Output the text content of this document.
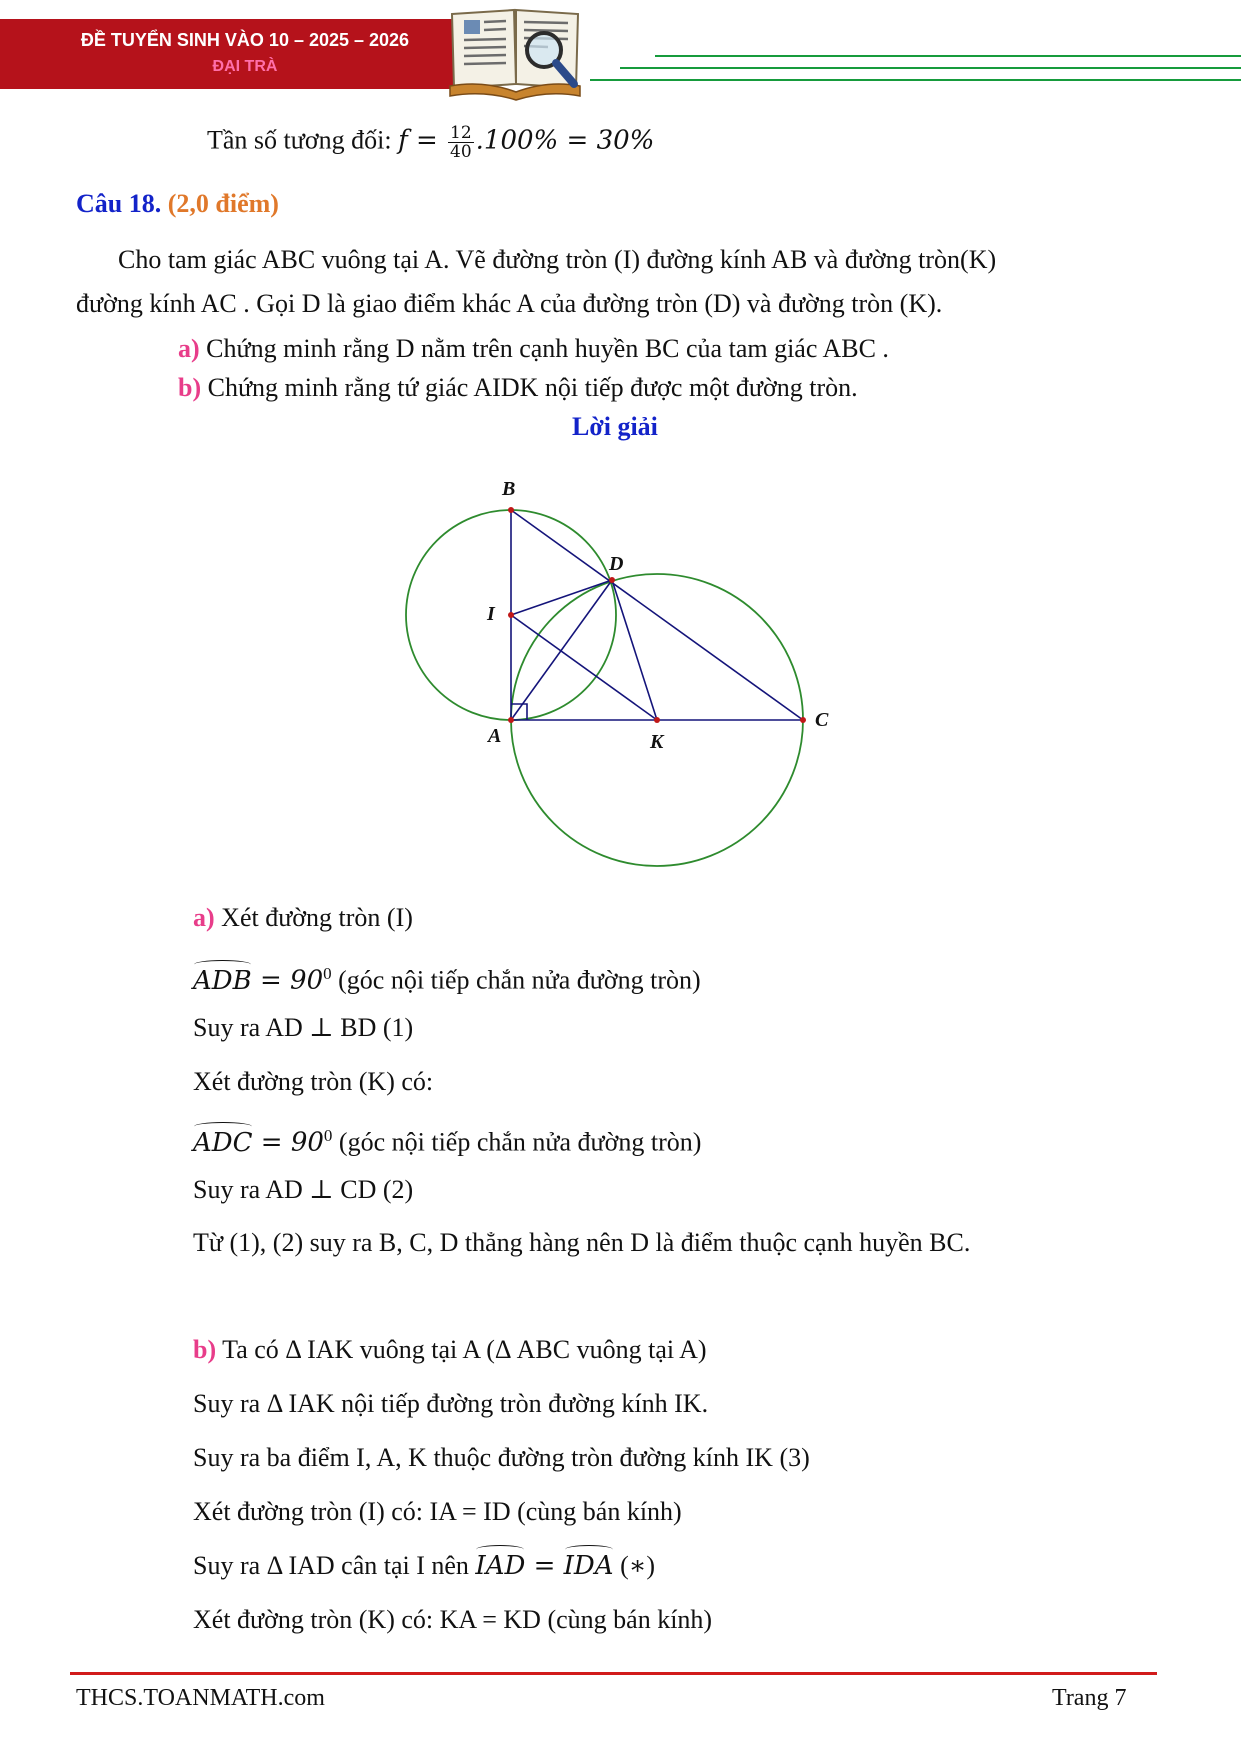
ĐỀ TUYỂN SINH VÀO 10 – 2025 – 2026
ĐẠI TRÀ
Tần số tương đối: $f = \frac{12}{40} .100\% = 30\%$
Câu 18. (2,0 điểm)
Cho tam giác ABC vuông tại A. Vẽ đường tròn (I) đường kính AB và đường tròn(K)
đường kính AC . Gọi D là giao điểm khác A của đường tròn (D) và đường tròn (K).
a) Chứng minh rằng D nằm trên cạnh huyền BC của tam giác ABC .
b) Chứng minh rằng tứ giác AIDK nội tiếp được một đường tròn.
Lời giải
B
D
I
A	K
C
a) Xét đường tròn (I)
ADB = $90^0$ (góc nội tiếp chắn nửa đường tròn)
Suy ra AD ⊥ BD (1)
Xét đường tròn (K) có:
ADC = $90^0$ (góc nội tiếp chắn nửa đường tròn)
Suy ra AD ⊥ CD (2)
Từ (1), (2) suy ra B, C, D thẳng hàng nên D là điểm thuộc cạnh huyền BC.
b) Ta có Δ IAK vuông tại A (Δ ABC vuông tại A)
Suy ra Δ IAK nội tiếp đường tròn đường kính IK.
Suy ra ba điểm I, A, K thuộc đường tròn đường kính IK (3)
Xét đường tròn (I) có: IA = ID (cùng bán kính)
Suy ra Δ IAD cân tại I nên IAD = IDA (∗)
Xét đường tròn (K) có: KA = KD (cùng bán kính)
THCS.TOANMATH.com	Trang 7
